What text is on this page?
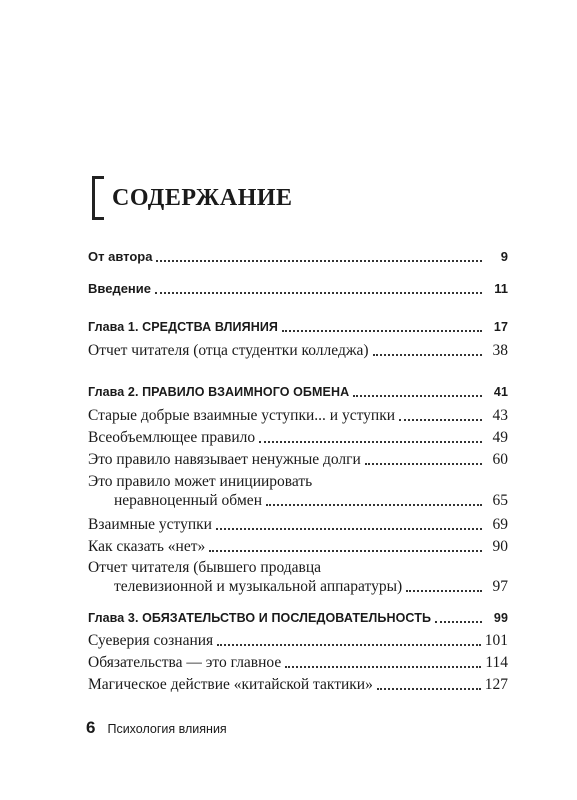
СОДЕРЖАНИЕ
От автора	9
Введение	11
Глава 1. СРЕДСТВА ВЛИЯНИЯ	17
Отчет читателя (отца студентки колледжа)	38
Глава 2. ПРАВИЛО ВЗАИМНОГО ОБМЕНА	41
Старые добрые взаимные уступки... и уступки	43
Всеобъемлющее правило	49
Это правило навязывает ненужные долги	60
Это правило может инициировать
неравноценный обмен	65
Взаимные уступки	69
Как сказать «нет»	90
Отчет читателя (бывшего продавца
телевизионной и музыкальной аппаратуры)	97
Глава 3. ОБЯЗАТЕЛЬСТВО И ПОСЛЕДОВАТЕЛЬНОСТЬ	99
Суеверия сознания	101
Обязательства — это главное	114
Магическое действие «китайской тактики»	127
6 Психология влияния
